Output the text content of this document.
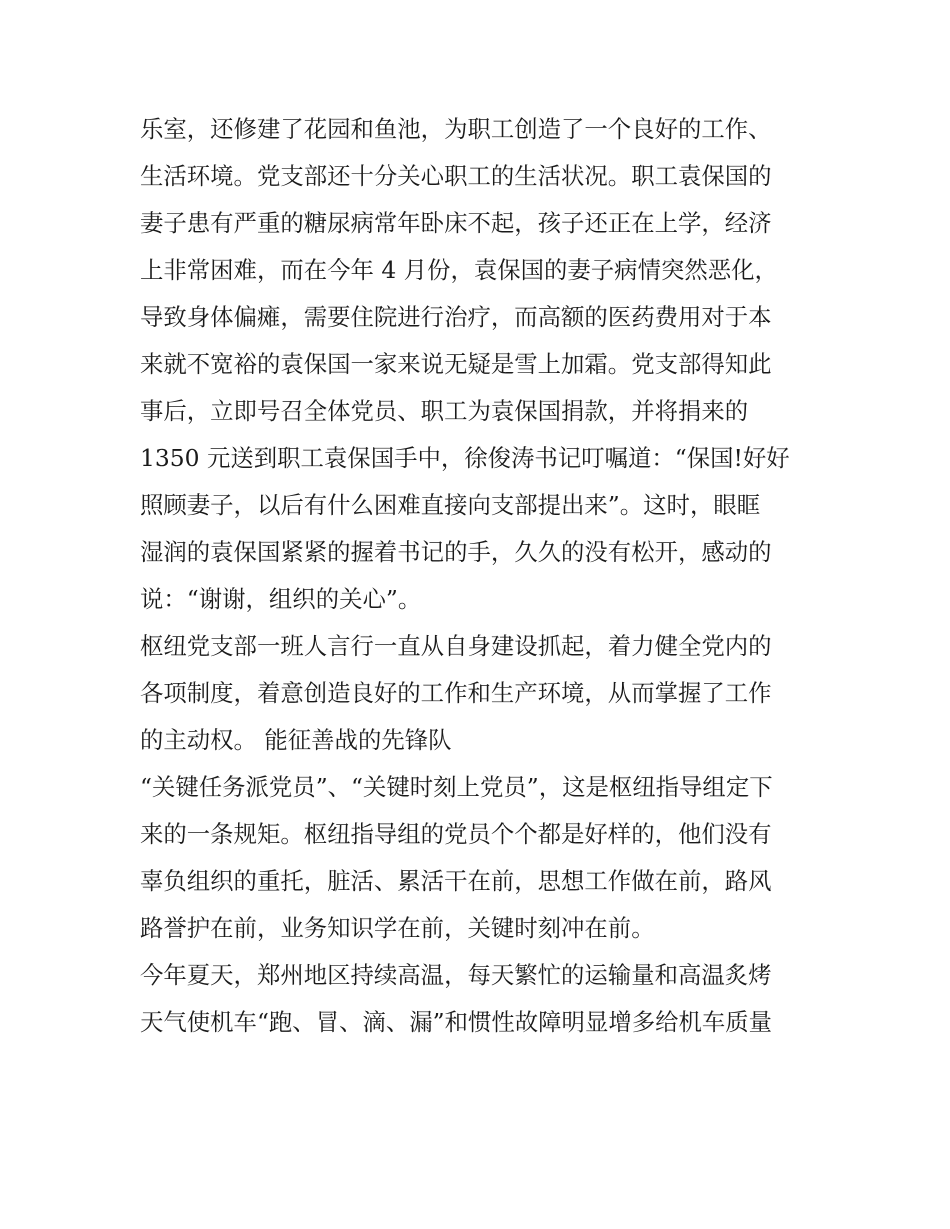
乐室，还修建了花园和鱼池，为职工创造了一个良好的工作、
生活环境。党支部还十分关心职工的生活状况。职工袁保国的
妻子患有严重的糖尿病常年卧床不起，孩子还正在上学，经济
上非常困难，而在今年 4 月份，袁保国的妻子病情突然恶化，
导致身体偏瘫，需要住院进行治疗，而高额的医药费用对于本
来就不宽裕的袁保国一家来说无疑是雪上加霜。党支部得知此
事后，立即号召全体党员、职工为袁保国捐款，并将捐来的
1350 元送到职工袁保国手中，徐俊涛书记叮嘱道：“保国!好好
照顾妻子，以后有什么困难直接向支部提出来”。这时，眼眶
湿润的袁保国紧紧的握着书记的手，久久的没有松开，感动的
说：“谢谢，组织的关心”。
枢纽党支部一班人言行一直从自身建设抓起，着力健全党内的
各项制度，着意创造良好的工作和生产环境，从而掌握了工作
的主动权。 能征善战的先锋队
“关键任务派党员”、“关键时刻上党员”，这是枢纽指导组定下
来的一条规矩。枢纽指导组的党员个个都是好样的，他们没有
辜负组织的重托，脏活、累活干在前，思想工作做在前，路风
路誉护在前，业务知识学在前，关键时刻冲在前。
今年夏天，郑州地区持续高温，每天繁忙的运输量和高温炙烤
天气使机车“跑、冒、滴、漏”和惯性故障明显增多给机车质量
